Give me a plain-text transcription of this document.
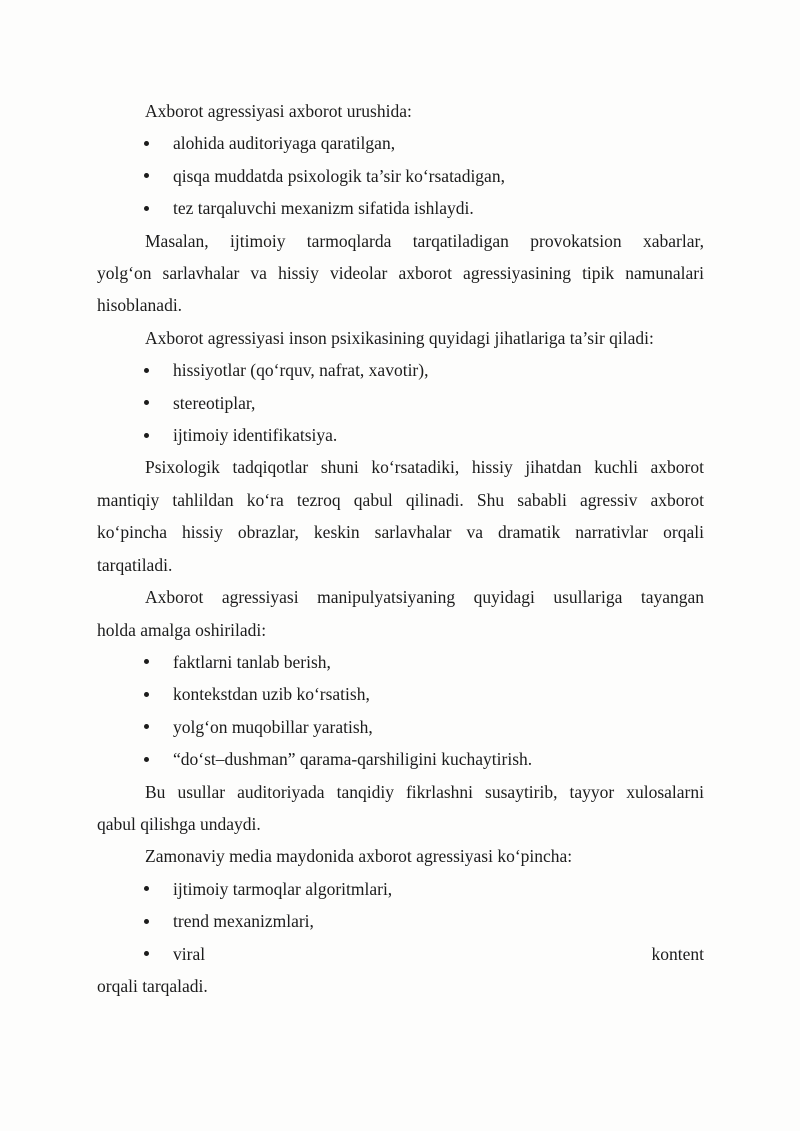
Axborot agressiyasi axborot urushida:

alohida auditoriyaga qaratilgan,
qisqa muddatda psixologik ta’sir ko‘rsatadigan,
tez tarqaluvchi mexanizm sifatida ishlaydi.

Masalan, ijtimoiy tarmoqlarda tarqatiladigan provokatsion xabarlar,
yolg‘on sarlavhalar va hissiy videolar axborot agressiyasining tipik namunalari
hisoblanadi.

Axborot agressiyasi inson psixikasining quyidagi jihatlariga ta’sir qiladi:

hissiyotlar (qo‘rquv, nafrat, xavotir),
stereotiplar,
ijtimoiy identifikatsiya.

Psixologik tadqiqotlar shuni ko‘rsatadiki, hissiy jihatdan kuchli axborot
mantiqiy tahlildan ko‘ra tezroq qabul qilinadi. Shu sababli agressiv axborot
ko‘pincha hissiy obrazlar, keskin sarlavhalar va dramatik narrativlar orqali
tarqatiladi.

Axborot agressiyasi manipulyatsiyaning quyidagi usullariga tayangan
holda amalga oshiriladi:

faktlarni tanlab berish,
kontekstdan uzib ko‘rsatish,
yolg‘on muqobillar yaratish,
“do‘st–dushman” qarama-qarshiligini kuchaytirish.

Bu usullar auditoriyada tanqidiy fikrlashni susaytirib, tayyor xulosalarni
qabul qilishga undaydi.

Zamonaviy media maydonida axborot agressiyasi ko‘pincha:

ijtimoiy tarmoqlar algoritmlari,
trend mexanizmlari,
viral kontent

orqali tarqaladi.
